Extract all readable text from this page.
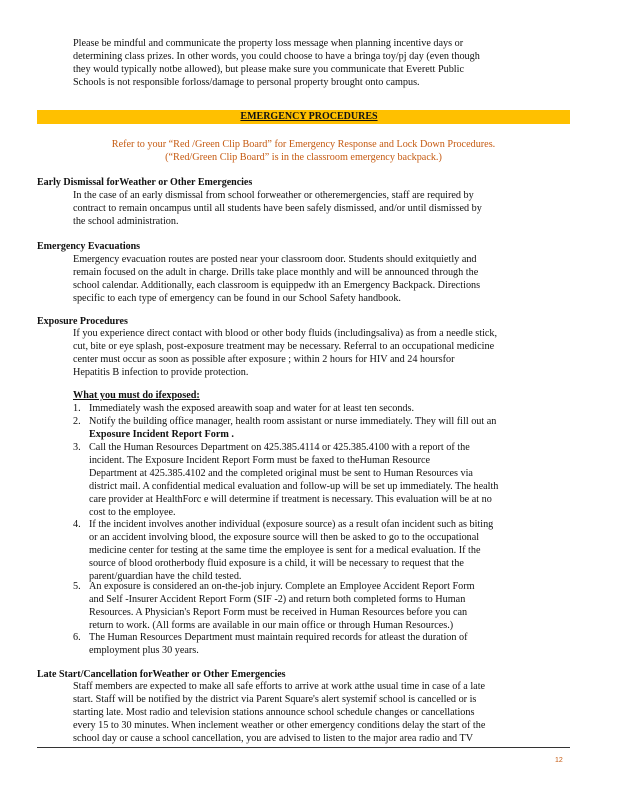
Please be mindful and communicate the property loss message when planning incentive days or
determining class prizes. In other words, you could choose to have a bringa toy/pj day (even though
they would typically notbe allowed), but please make sure you communicate that Everett Public
Schools is not responsible forloss/damage to personal property brought onto campus.
EMERGENCY PROCEDURES
Refer to your “Red /Green Clip Board” for Emergency Response and Lock Down Procedures.
(“Red/Green Clip Board” is in the classroom emergency backpack.)
Early Dismissal forWeather or Other Emergencies
In the case of an early dismissal from school forweather or otheremergencies, staff are required by
contract to remain oncampus until all students have been safely dismissed, and/or until dismissed by
the school administration.
Emergency Evacuations
Emergency evacuation routes are posted near your classroom door. Students should exitquietly and
remain focused on the adult in charge. Drills take place monthly and will be announced through the
school calendar. Additionally, each classroom is equippedw ith an Emergency Backpack. Directions
specific to each type of emergency can be found in our School Safety handbook.
Exposure Procedures
If you experience direct contact with blood or other body fluids (includingsaliva) as from a needle stick,
cut, bite or eye splash, post-exposure treatment may be necessary. Referral to an occupational medicine
center must occur as soon as possible after exposure ; within 2 hours for HIV and 24 hoursfor
Hepatitis B infection to provide protection.
What you must do ifexposed:
1. Immediately wash the exposed areawith soap and water for at least ten seconds.
2. Notify the building office manager, health room assistant or nurse immediately. They will fill out an
Exposure Incident Report Form .
3. Call the Human Resources Department on 425.385.4114 or 425.385.4100 with a report of the
incident. The Exposure Incident Report Form must be faxed to theHuman Resource
Department at 425.385.4102 and the completed original must be sent to Human Resources via
district mail. A confidential medical evaluation and follow-up will be set up immediately. The health
care provider at HealthForc e will determine if treatment is necessary. This evaluation will be at no
cost to the employee.
4. If the incident involves another individual (exposure source) as a result ofan incident such as biting
or an accident involving blood, the exposure source will then be asked to go to the occupational
medicine center for testing at the same time the employee is sent for a medical evaluation. If the
source of blood orotherbody fluid exposure is a child, it will be necessary to request that the
parent/guardian have the child tested.
5. An exposure is considered an on-the-job injury. Complete an Employee Accident Report Form
and Self -Insurer Accident Report Form (SIF -2) and return both completed forms to Human
Resources. A Physician's Report Form must be received in Human Resources before you can
return to work. (All forms are available in our main office or through Human Resources.)
6. The Human Resources Department must maintain required records for atleast the duration of
employment plus 30 years.
Late Start/Cancellation forWeather or Other Emergencies
Staff members are expected to make all safe efforts to arrive at work atthe usual time in case of a late
start. Staff will be notified by the district via Parent Square's alert systemif school is cancelled or is
starting late. Most radio and television stations announce school schedule changes or cancellations
every 15 to 30 minutes. When inclement weather or other emergency conditions delay the start of the
school day or cause a school cancellation, you are advised to listen to the major area radio and TV
12
